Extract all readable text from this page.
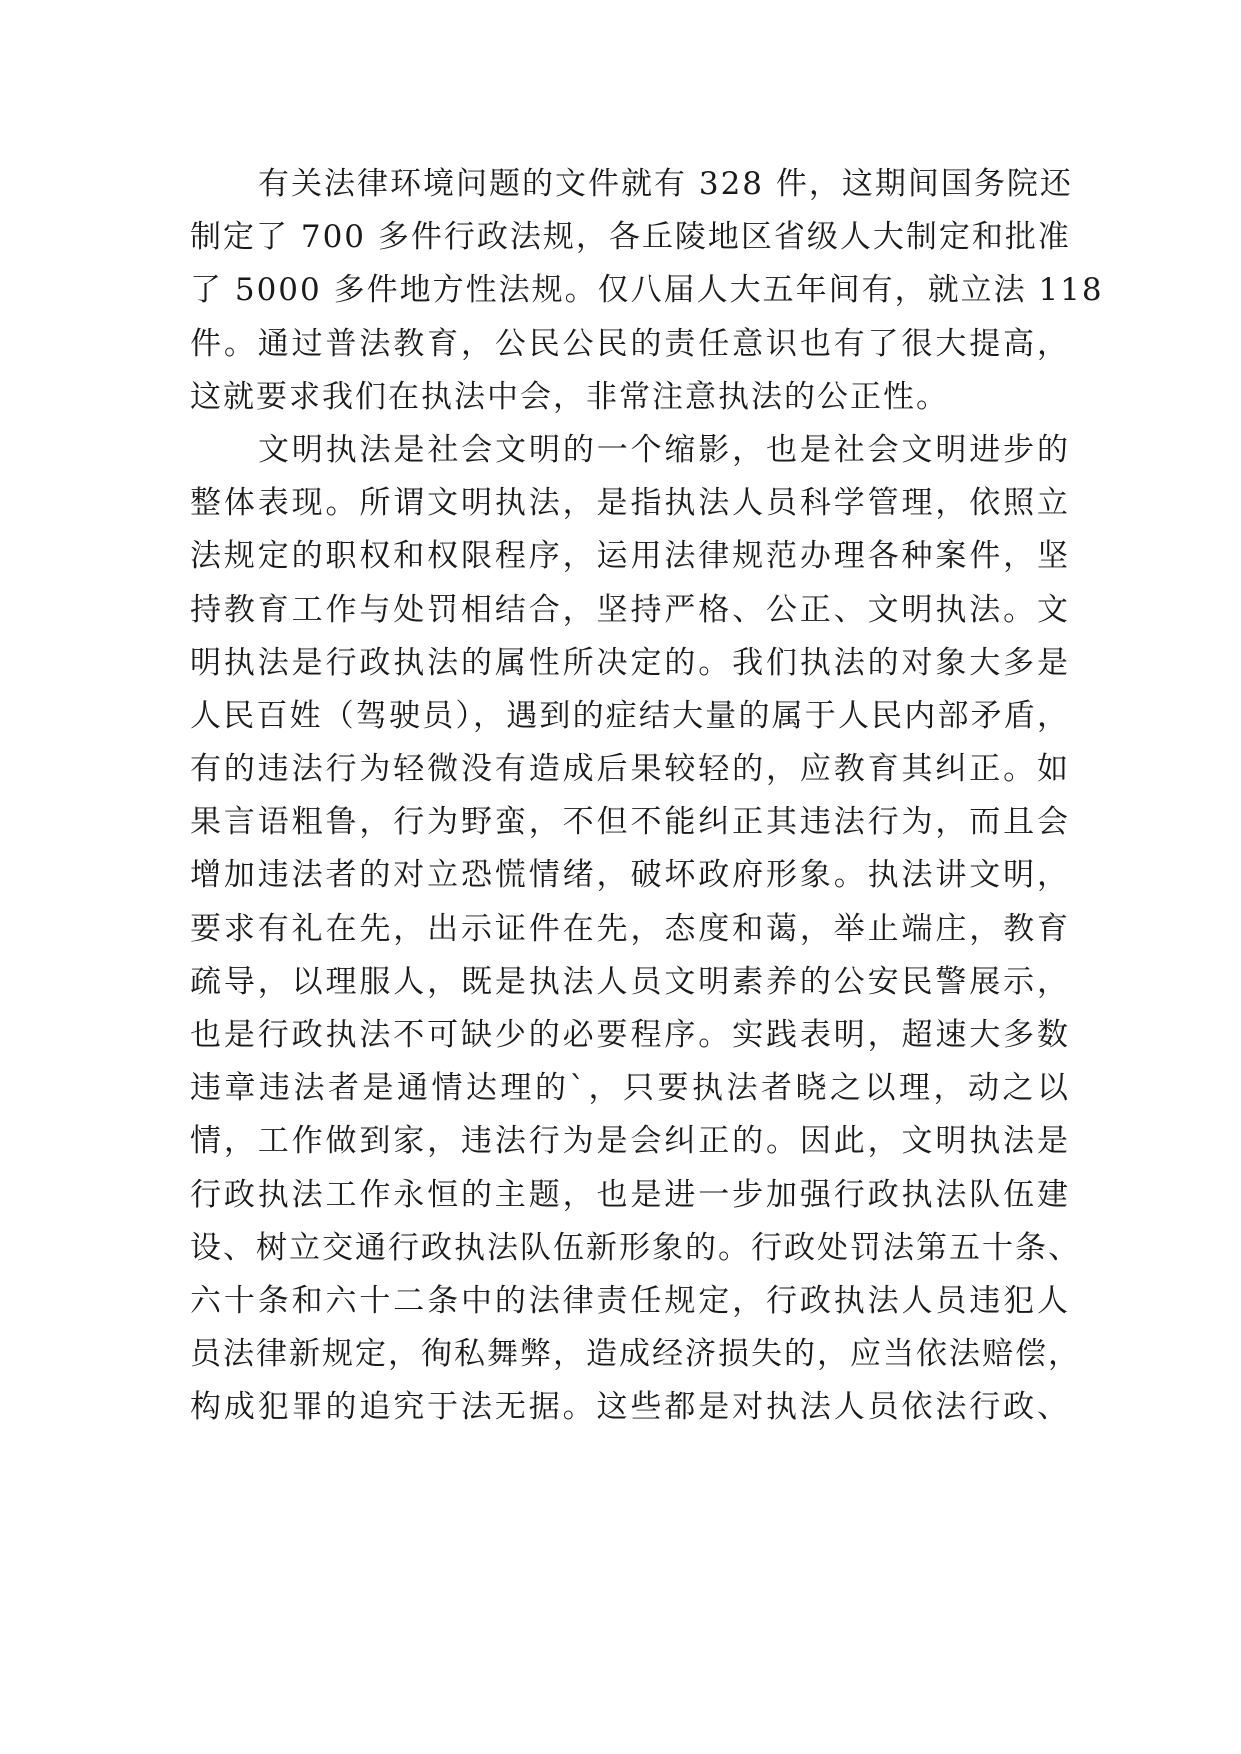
有关法律环境问题的文件就有 328 件，这期间国务院还
制定了 700 多件行政法规，各丘陵地区省级人大制定和批准
了 5000 多件地方性法规。仅八届人大五年间有，就立法 118
件。通过普法教育，公民公民的责任意识也有了很大提高，
这就要求我们在执法中会，非常注意执法的公正性。
文明执法是社会文明的一个缩影，也是社会文明进步的
整体表现。所谓文明执法，是指执法人员科学管理，依照立
法规定的职权和权限程序，运用法律规范办理各种案件，坚
持教育工作与处罚相结合，坚持严格、公正、文明执法。文
明执法是行政执法的属性所决定的。我们执法的对象大多是
人民百姓（驾驶员），遇到的症结大量的属于人民内部矛盾，
有的违法行为轻微没有造成后果较轻的，应教育其纠正。如
果言语粗鲁，行为野蛮，不但不能纠正其违法行为，而且会
增加违法者的对立恐慌情绪，破坏政府形象。执法讲文明，
要求有礼在先，出示证件在先，态度和蔼，举止端庄，教育
疏导，以理服人，既是执法人员文明素养的公安民警展示，
也是行政执法不可缺少的必要程序。实践表明，超速大多数
违章违法者是通情达理的`，只要执法者晓之以理，动之以
情，工作做到家，违法行为是会纠正的。因此，文明执法是
行政执法工作永恒的主题，也是进一步加强行政执法队伍建
设、树立交通行政执法队伍新形象的。行政处罚法第五十条、
六十条和六十二条中的法律责任规定，行政执法人员违犯人
员法律新规定，徇私舞弊，造成经济损失的，应当依法赔偿，
构成犯罪的追究于法无据。这些都是对执法人员依法行政、
